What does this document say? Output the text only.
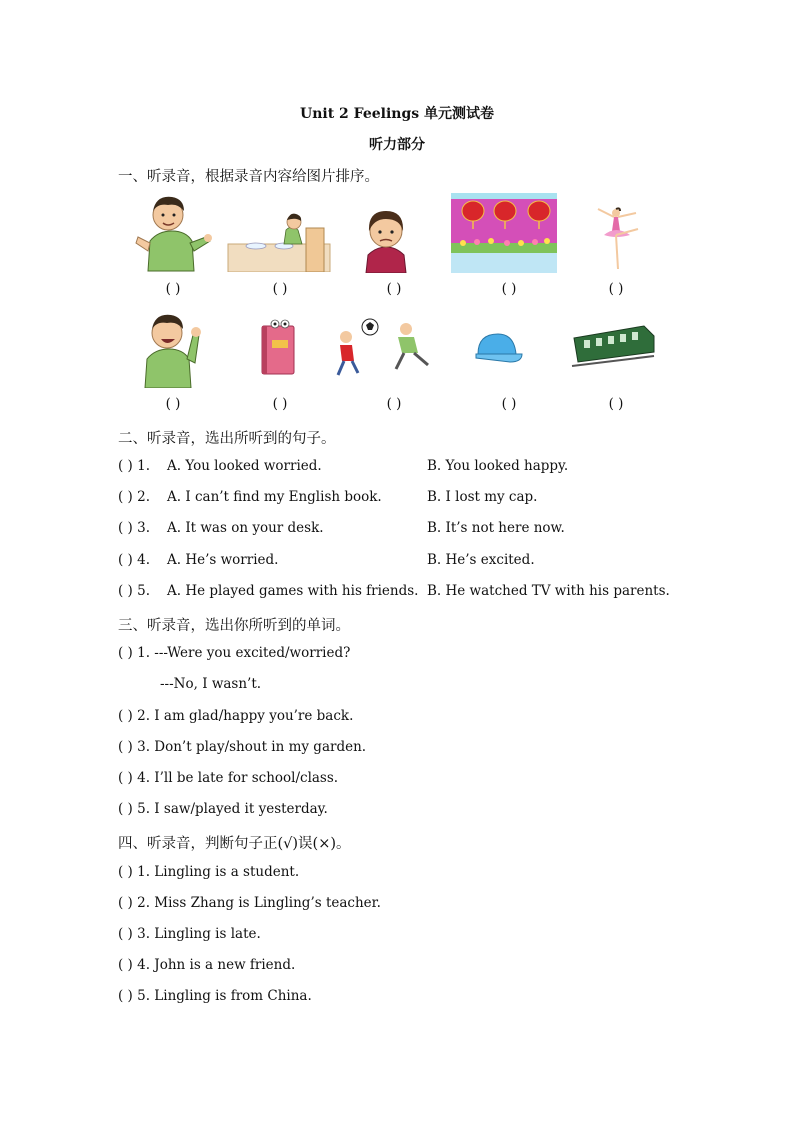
Unit 2 Feelings 单元测试卷
听力部分
一、听录音，根据录音内容给图片排序。
( )	( )	( )	( )	( )
( )	( )	( )	( )	( )
二、听录音，选出所听到的句子。
( ) 1. A. You looked worried.	B. You looked happy.
( ) 2. A. I can’t find my English book.	B. I lost my cap.
( ) 3. A. It was on your desk.	B. It’s not here now.
( ) 4. A. He’s worried.	B. He’s excited.
( ) 5. A. He played games with his friends. B. He watched TV with his parents.
三、听录音，选出你所听到的单词。
( ) 1. ---Were you excited/worried?
---No, I wasn’t.
( ) 2. I am glad/happy you’re back.
( ) 3. Don’t play/shout in my garden.
( ) 4. I’ll be late for school/class.
( ) 5. I saw/played it yesterday.
四、听录音，判断句子正(√)误(×)。
( ) 1. Lingling is a student.
( ) 2. Miss Zhang is Lingling’s teacher.
( ) 3. Lingling is late.
( ) 4. John is a new friend.
( ) 5. Lingling is from China.
